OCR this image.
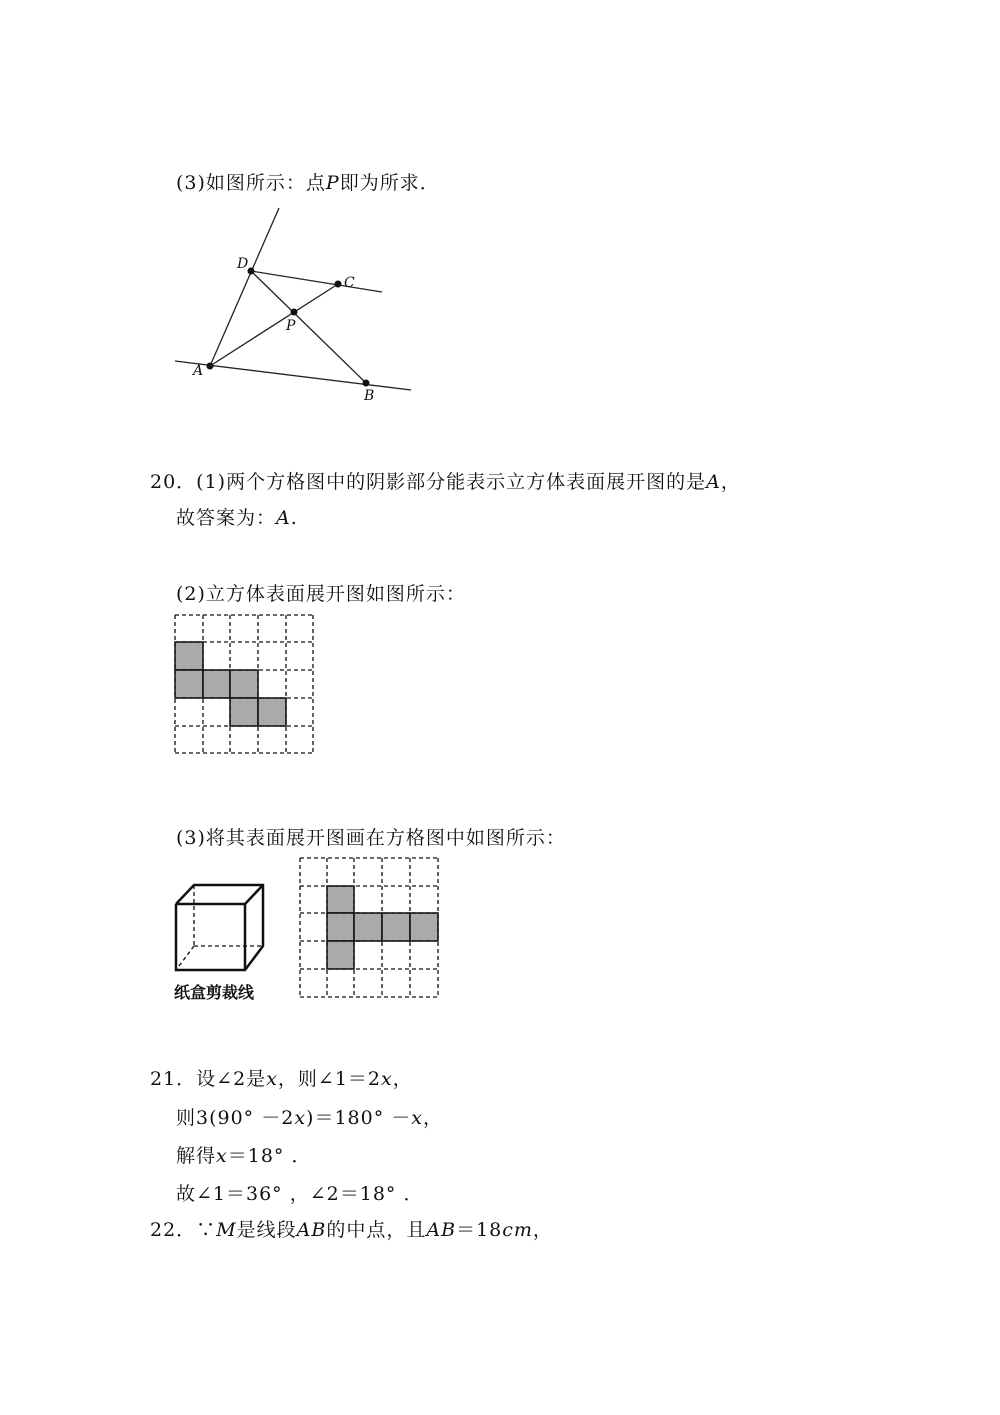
(3)如图所示：点P即为所求．
D
C
P
A
B
20．(1)两个方格图中的阴影部分能表示立方体表面展开图的是A，
故答案为：A.
(2)立方体表面展开图如图所示：
(3)将其表面展开图画在方格图中如图所示：
纸盒剪裁线
21．设∠2是x，则∠1＝2x，
则3(90° －2x)＝180° －x，
解得x＝18° ．
故∠1＝36° ，∠2＝18° ．
22．∵M是线段AB的中点，且AB＝18cm，
